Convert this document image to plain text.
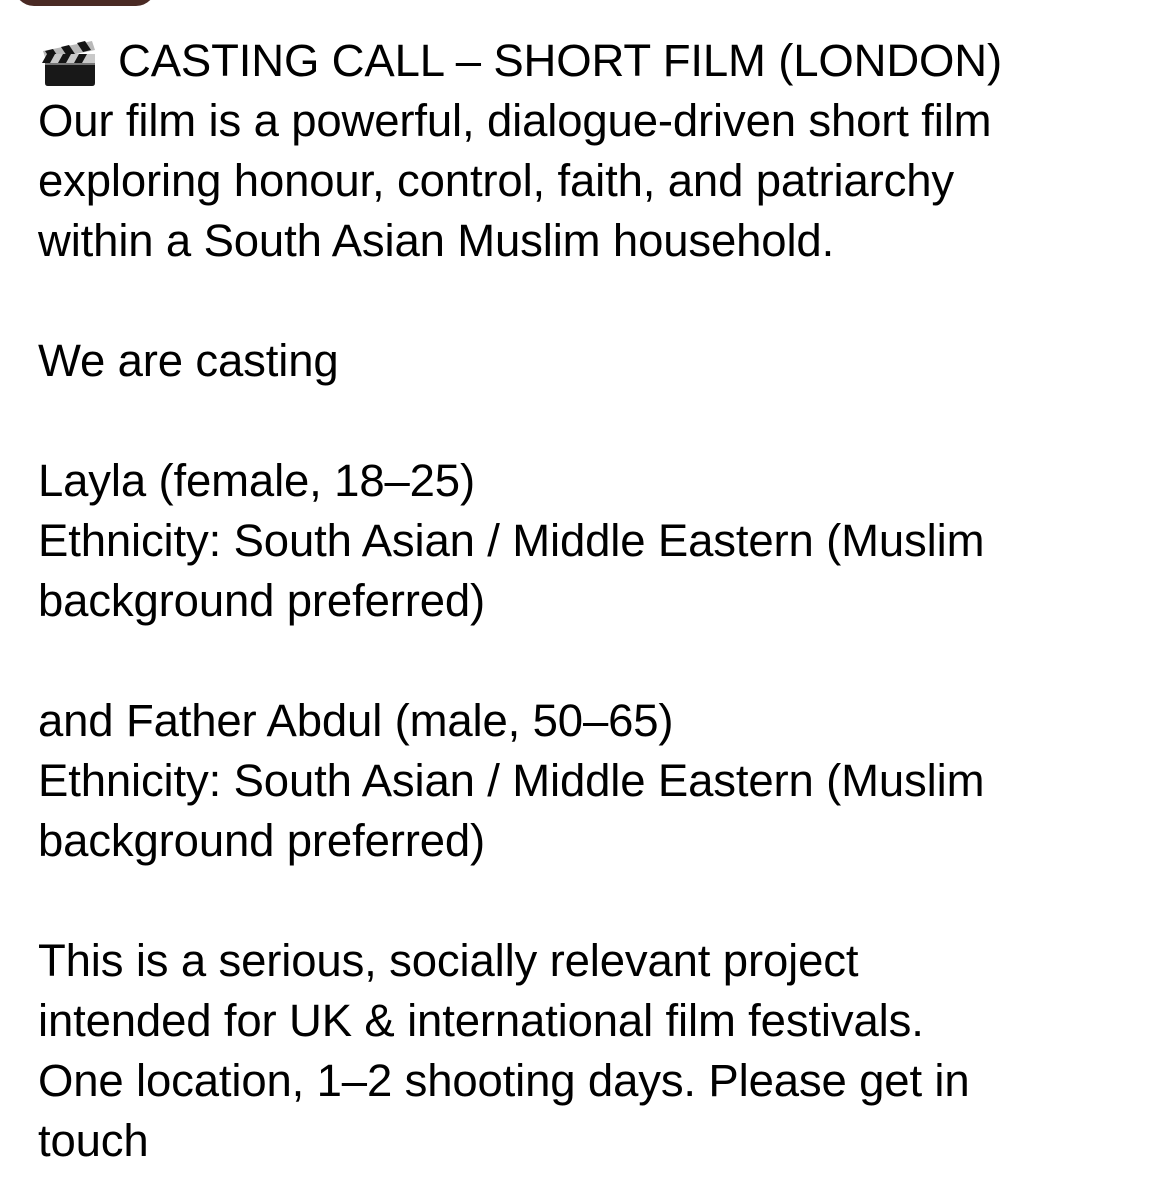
CASTING CALL – SHORT FILM (LONDON)
Our film is a powerful, dialogue-driven short film
exploring honour, control, faith, and patriarchy
within a South Asian Muslim household.
We are casting
Layla (female, 18–25)
Ethnicity: South Asian / Middle Eastern (Muslim
background preferred)
and Father Abdul (male, 50–65)
Ethnicity: South Asian / Middle Eastern (Muslim
background preferred)
This is a serious, socially relevant project
intended for UK & international film festivals.
One location, 1–2 shooting days. Please get in
touch
